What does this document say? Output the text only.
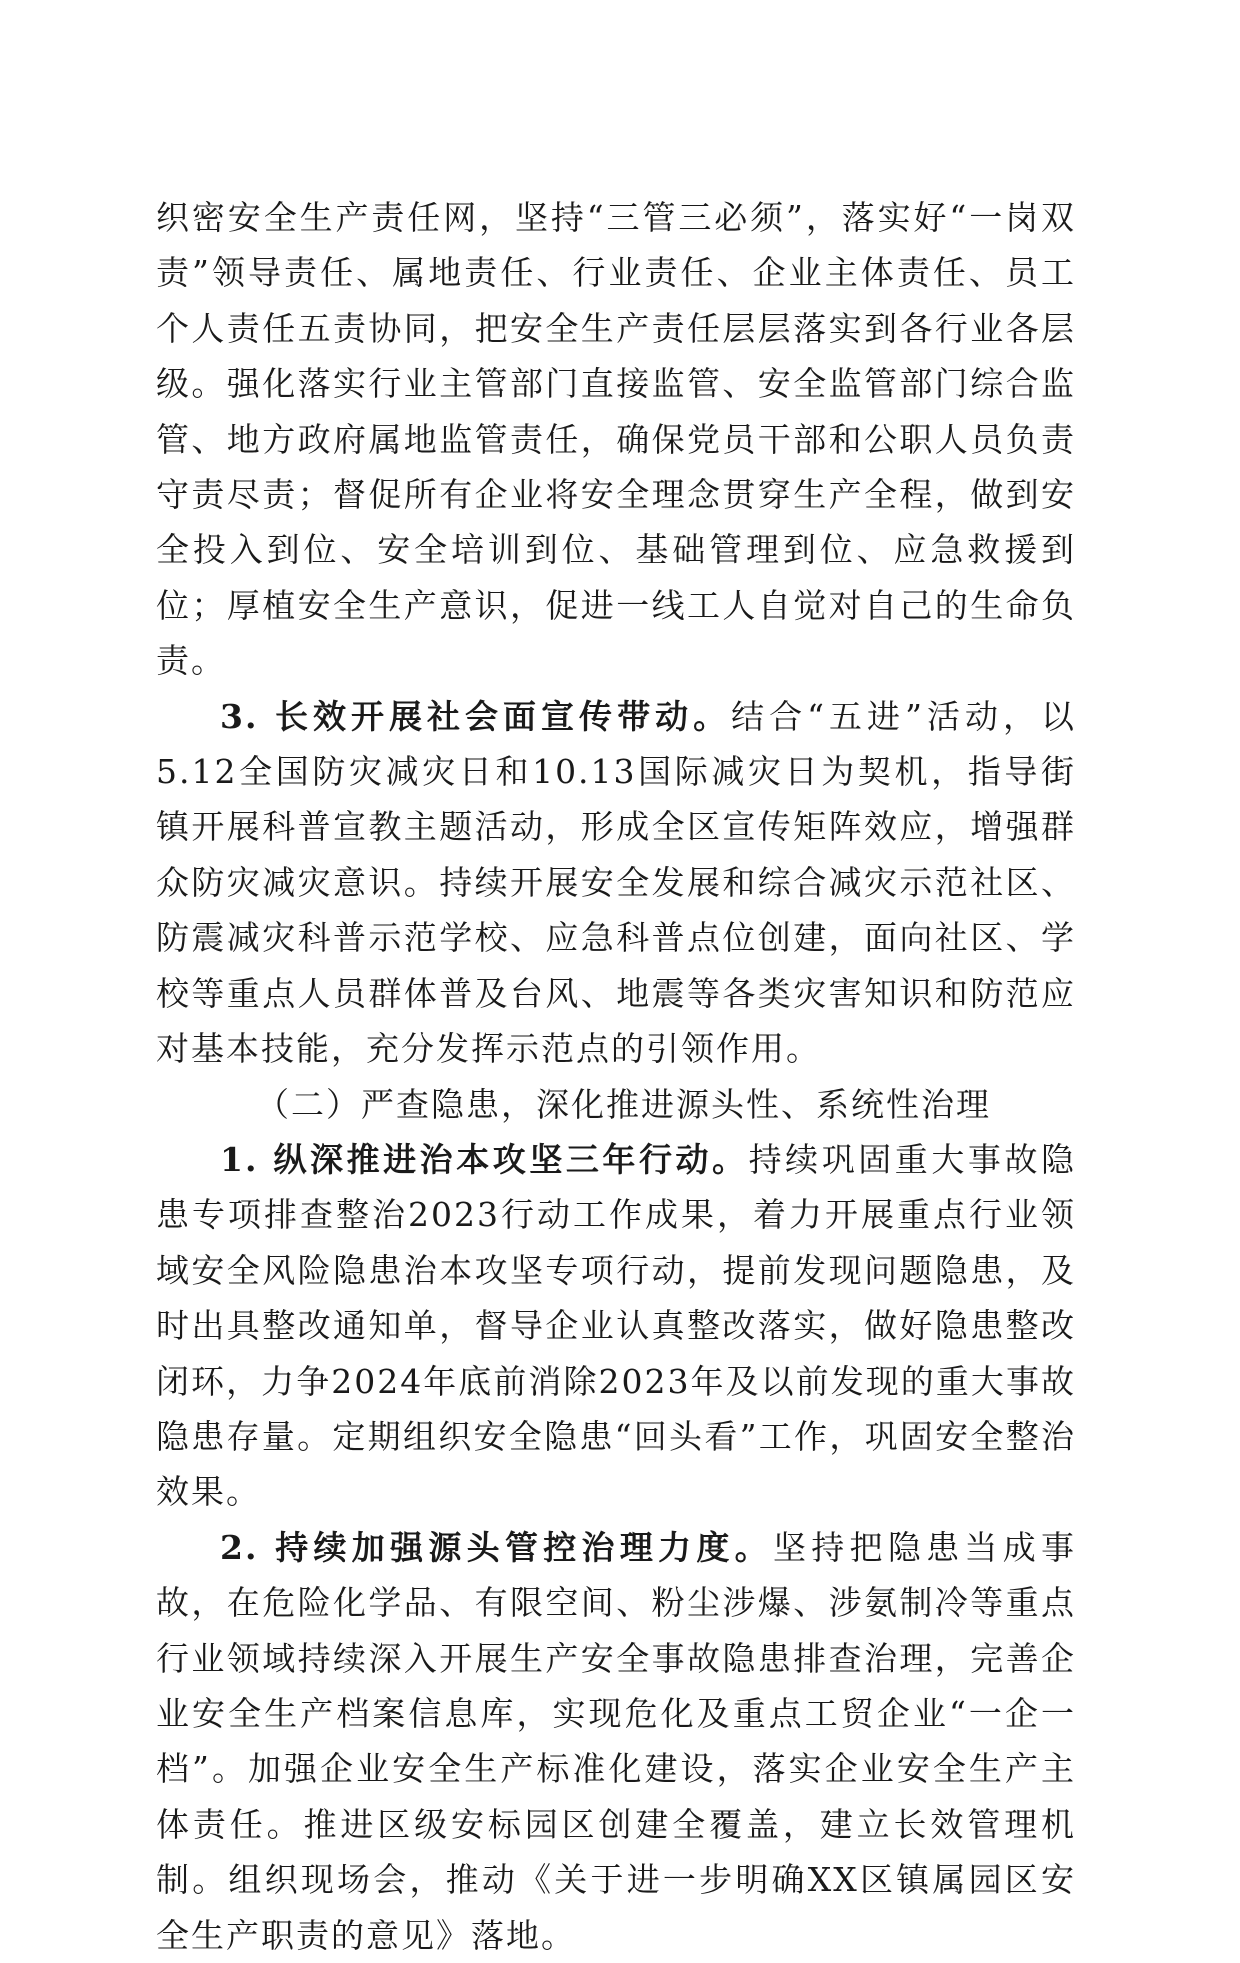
织密安全生产责任网，坚持“三管三必须”，落实好“一岗双责”领导责任、属地责任、行业责任、企业主体责任、员工个人责任五责协同，把安全生产责任层层落实到各行业各层级。强化落实行业主管部门直接监管、安全监管部门综合监管、地方政府属地监管责任，确保党员干部和公职人员负责守责尽责；督促所有企业将安全理念贯穿生产全程，做到安全投入到位、安全培训到位、基础管理到位、应急救援到位；厚植安全生产意识，促进一线工人自觉对自己的生命负责。

3. 长效开展社会面宣传带动。结合“五进”活动，以5.12全国防灾减灾日和10.13国际减灾日为契机，指导街镇开展科普宣教主题活动，形成全区宣传矩阵效应，增强群众防灾减灾意识。持续开展安全发展和综合减灾示范社区、防震减灾科普示范学校、应急科普点位创建，面向社区、学校等重点人员群体普及台风、地震等各类灾害知识和防范应对基本技能，充分发挥示范点的引领作用。

（二）严查隐患，深化推进源头性、系统性治理

1. 纵深推进治本攻坚三年行动。持续巩固重大事故隐患专项排查整治2023行动工作成果，着力开展重点行业领域安全风险隐患治本攻坚专项行动，提前发现问题隐患，及时出具整改通知单，督导企业认真整改落实，做好隐患整改闭环，力争2024年底前消除2023年及以前发现的重大事故隐患存量。定期组织安全隐患“回头看”工作，巩固安全整治效果。

2. 持续加强源头管控治理力度。坚持把隐患当成事故，在危险化学品、有限空间、粉尘涉爆、涉氨制冷等重点行业领域持续深入开展生产安全事故隐患排查治理，完善企业安全生产档案信息库，实现危化及重点工贸企业“一企一档”。加强企业安全生产标准化建设，落实企业安全生产主体责任。推进区级安标园区创建全覆盖，建立长效管理机制。组织现场会，推动《关于进一步明确XX区镇属园区安全生产职责的意见》落地。
